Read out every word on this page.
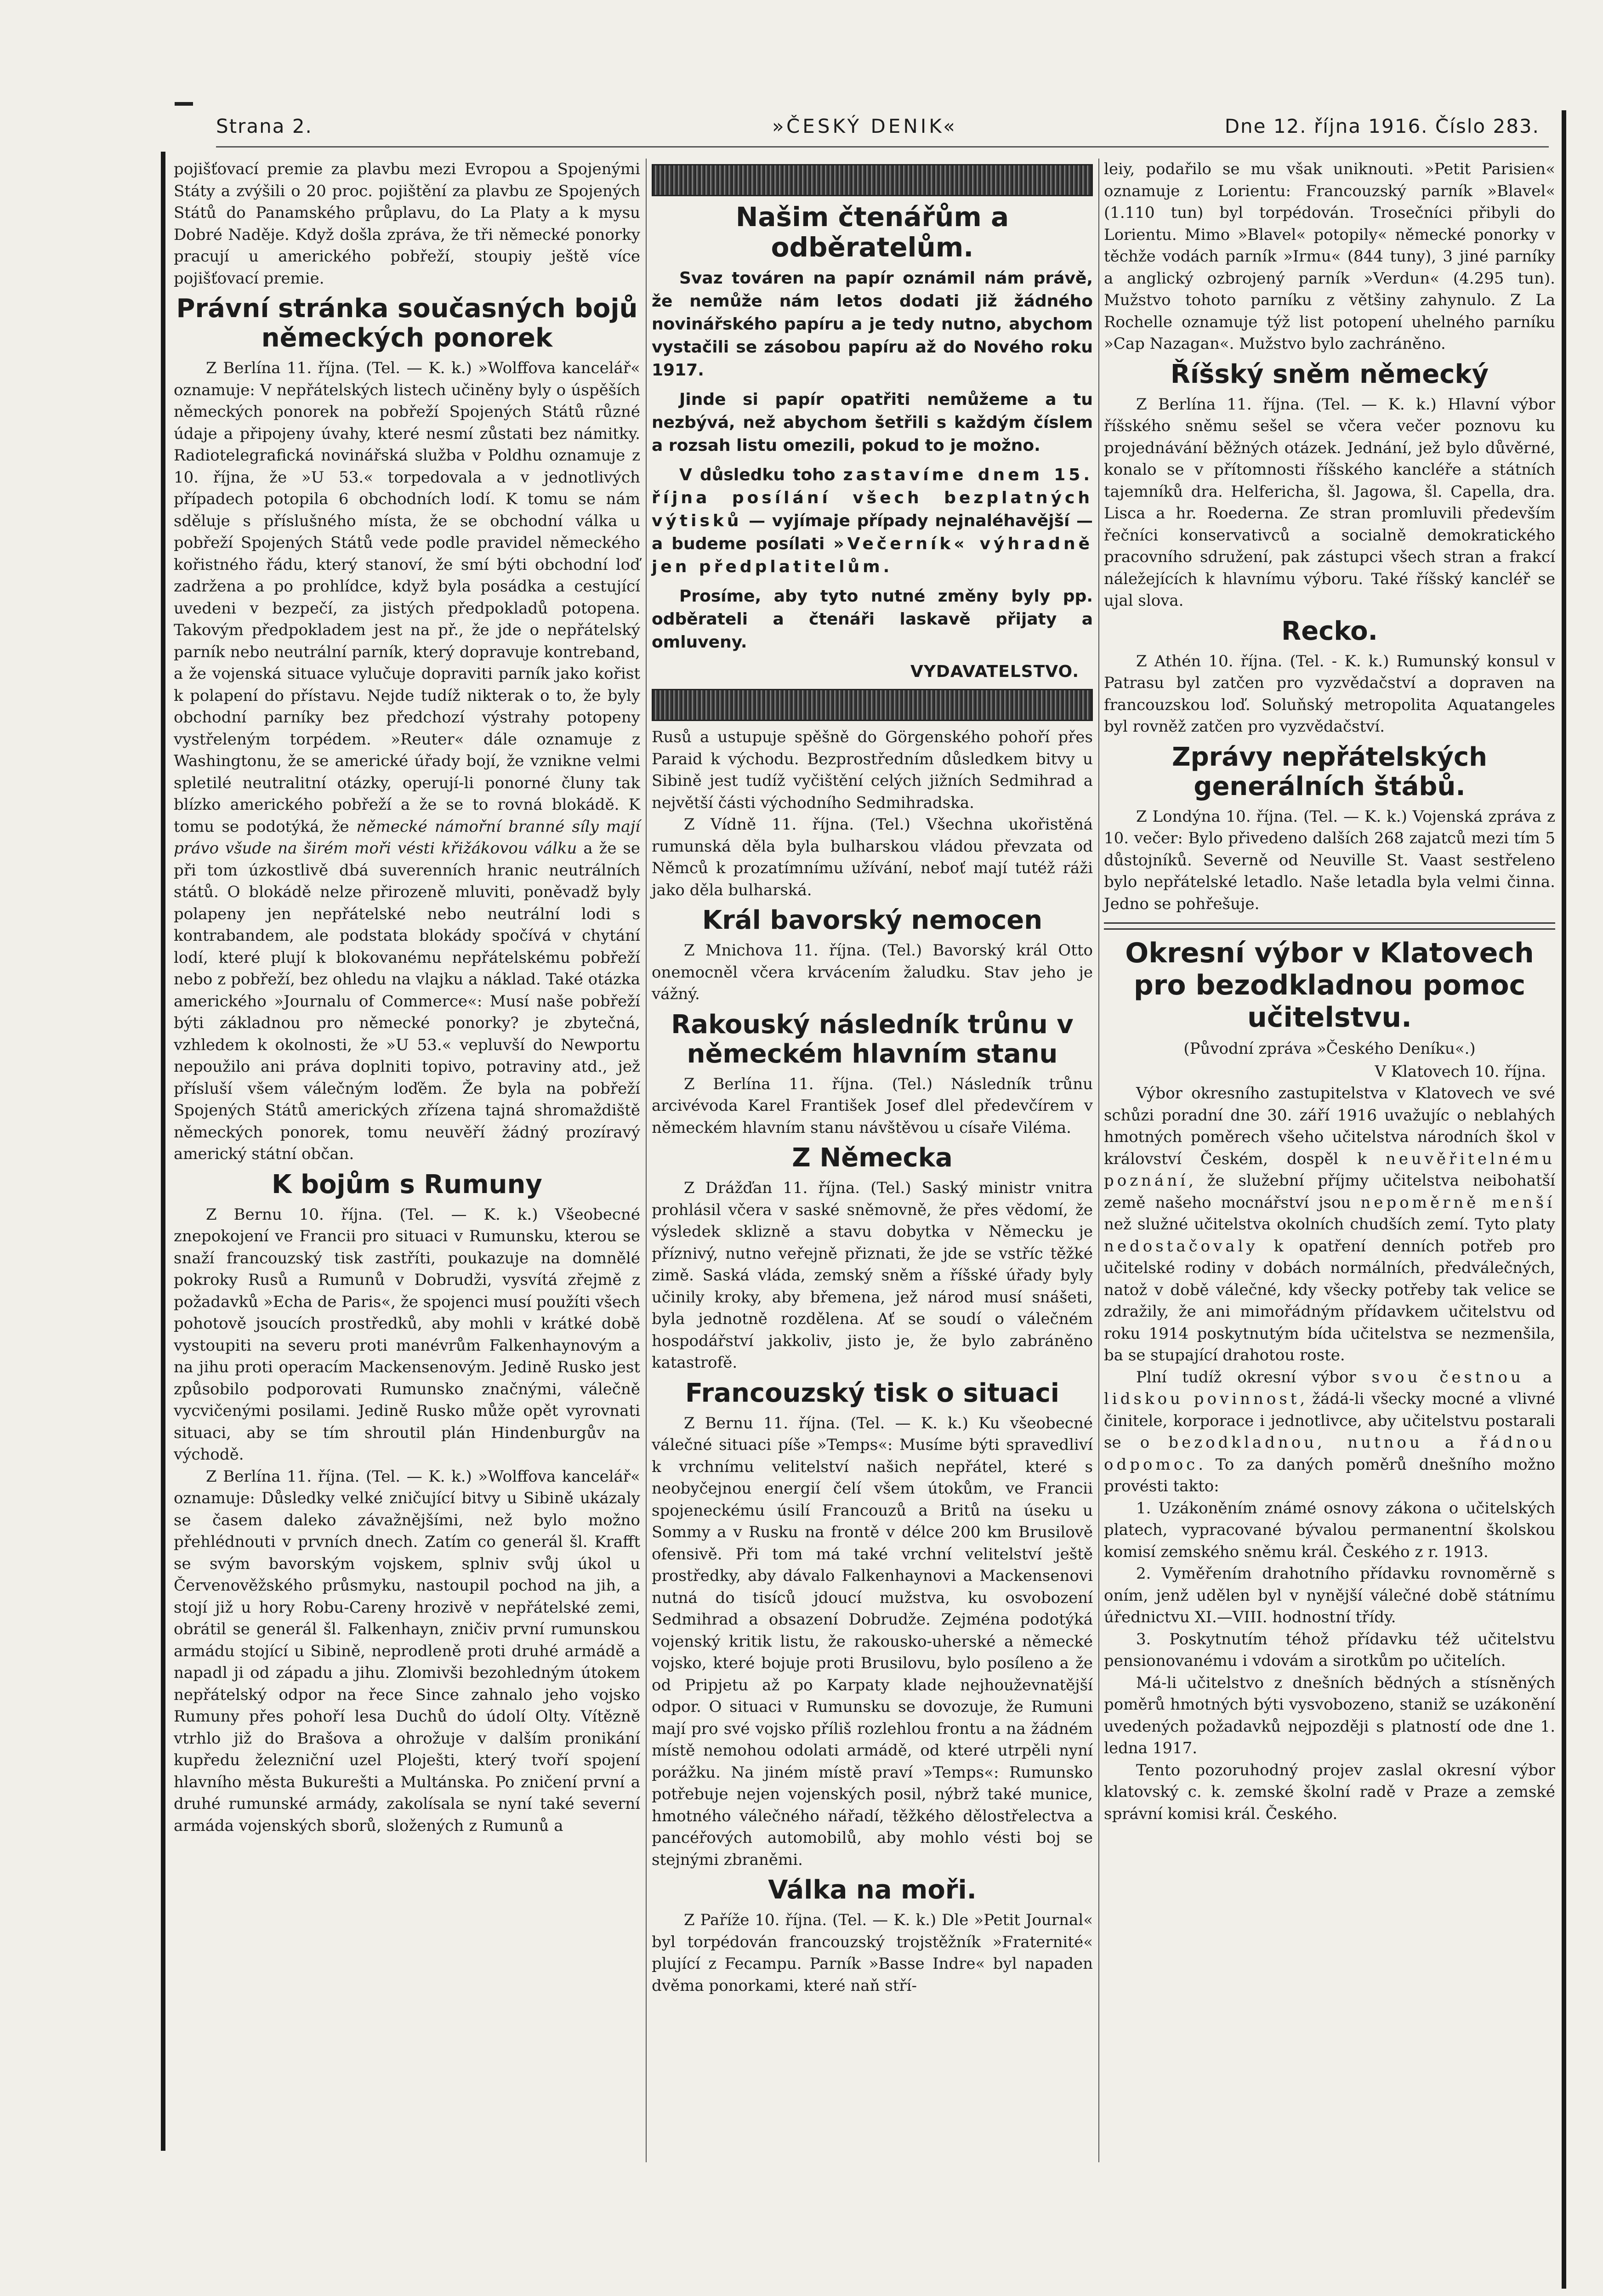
Strana 2.	»ČESKÝ DENIK«	Dne 12. října 1916. Číslo 283.

pojišťovací premie za plavbu mezi Evropou a Spojenými Státy a zvýšili o 20 proc. pojištění za plavbu ze Spojených Států do Panamského průplavu, do La Platy a k mysu Dobré Naděje. Když došla zpráva, že tři německé ponorky pracují u amerického pobřeží, stoupiy ještě více pojišťovací premie.

Právní stránka současných bojů německých ponorek

Z Berlína 11. října. (Tel. — K. k.) »Wolffova kancelář« oznamuje: V nepřátelských listech učiněny byly o úspěších německých ponorek na pobřeží Spojených Států různé údaje a připojeny úvahy, které nesmí zůstati bez námitky. Radiotelegrafická novinářská služba v Poldhu oznamuje z 10. října, že »U 53.« torpedovala a v jednotlivých případech potopila 6 obchodních lodí. K tomu se nám sděluje s příslušného místa, že se obchodní válka u pobřeží Spojených Států vede podle pravidel německého kořistného řádu, který stanoví, že smí býti obchodní loď zadržena a po prohlídce, když byla posádka a cestující uvedeni v bezpečí, za jistých předpokladů potopena. Takovým předpokladem jest na př., že jde o nepřátelský parník nebo neutrální parník, který dopravuje kontreband, a že vojenská situace vylučuje dopraviti parník jako kořist k polapení do přístavu. Nejde tudíž nikterak o to, že byly obchodní parníky bez předchozí výstrahy potopeny vystřeleným torpédem. »Reuter« dále oznamuje z Washingtonu, že se americké úřady bojí, že vznikne velmi spletilé neutralitní otázky, operují-li ponorné čluny tak blízko amerického pobřeží a že se to rovná blokádě. K tomu se podotýká, že německé námořní branné síly mají právo všude na širém moři vésti křižákovou válku a že se při tom úzkostlivě dbá suverenních hranic neutrálních států. O blokádě nelze přirozeně mluviti, poněvadž byly polapeny jen nepřátelské nebo neutrální lodi s kontrabandem, ale podstata blokády spočívá v chytání lodí, které plují k blokovanému nepřátelskému pobřeží nebo z pobřeží, bez ohledu na vlajku a náklad. Také otázka amerického »Journalu of Commerce«: Musí naše pobřeží býti základnou pro německé ponorky? je zbytečná, vzhledem k okolnosti, že »U 53.« vepluvší do Newportu nepoužilo ani práva doplniti topivo, potraviny atd., jež přísluší všem válečným loďěm. Že byla na pobřeží Spojených Států amerických zřízena tajná shromaždiště německých ponorek, tomu neuvěří žádný prozíravý americký státní občan.

K bojům s Rumuny

Z Bernu 10. října. (Tel. — K. k.) Všeobecné znepokojení ve Francii pro situaci v Rumunsku, kterou se snaží francouzský tisk zastříti, poukazuje na domnělé pokroky Rusů a Rumunů v Dobrudži, vysvítá zřejmě z požadavků »Echa de Paris«, že spojenci musí použíti všech pohotově jsoucích prostředků, aby mohli v krátké době vystoupiti na severu proti manévrům Falkenhaynovým a na jihu proti operacím Mackensenovým. Jedině Rusko jest způsobilo podporovati Rumunsko značnými, válečně vycvičenými posilami. Jedině Rusko může opět vyrovnati situaci, aby se tím shroutil plán Hindenburgův na východě.

Z Berlína 11. října. (Tel. — K. k.) »Wolffova kancelář« oznamuje: Důsledky velké zničující bitvy u Sibině ukázaly se časem daleko závažnějšími, než bylo možno přehlédnouti v prvních dnech. Zatím co generál šl. Krafft se svým bavorským vojskem, splniv svůj úkol u Červenověžského průsmyku, nastoupil pochod na jih, a stojí již u hory Robu-Careny hrozivě v nepřátelské zemi, obrátil se generál šl. Falkenhayn, zničiv první rumunskou armádu stojící u Sibině, neprodleně proti druhé armádě a napadl ji od západu a jihu. Zlomivši bezohledným útokem nepřátelský odpor na řece Since zahnalo jeho vojsko Rumuny přes pohoří lesa Duchů do údolí Olty. Vítězně vtrhlo již do Brašova a ohrožuje v dalším pronikání kupředu železniční uzel Ploješti, který tvoří spojení hlavního města Bukurešti a Multánska. Po zničení první a druhé rumunské armády, zakolísala se nyní také severní armáda vojenských sborů, složených z Rumunů a

Našim čtenářům a odběratelům.

Svaz továren na papír oznámil nám právě, že nemůže nám letos dodati již žádného novinářského papíru a je tedy nutno, abychom vystačili se zásobou papíru až do Nového roku 1917.

Jinde si papír opatřiti nemůžeme a tu nezbývá, než abychom šetřili s každým číslem a rozsah listu omezili, pokud to je možno.

V důsledku toho zastavíme dnem 15. října posílání všech bezplatných výtisků — vyjímaje případy nejnaléhavější — a budeme posílati »Večerník« výhradně jen předplatitelům.

Prosíme, aby tyto nutné změny byly pp. odběrateli a čtenáři laskavě přijaty a omluveny.

VYDAVATELSTVO.

Rusů a ustupuje spěšně do Görgenského pohoří přes Paraid k východu. Bezprostředním důsledkem bitvy u Sibině jest tudíž vyčištění celých jižních Sedmihrad a největší části východního Sedmihradska.

Z Vídně 11. října. (Tel.) Všechna ukořistěná rumunská děla byla bulharskou vládou převzata od Němců k prozatímnímu užívání, neboť mají tutéž ráži jako děla bulharská.

Král bavorský nemocen

Z Mnichova 11. října. (Tel.) Bavorský král Otto onemocněl včera krvácením žaludku. Stav jeho je vážný.

Rakouský následník trůnu v německém hlavním stanu

Z Berlína 11. října. (Tel.) Následník trůnu arcivévoda Karel František Josef dlel předevčírem v německém hlavním stanu návštěvou u císaře Viléma.

Z Německa

Z Drážďan 11. října. (Tel.) Saský ministr vnitra prohlásil včera v saské sněmovně, že přes vědomí, že výsledek sklizně a stavu dobytka v Německu je příznivý, nutno veřejně přiznati, že jde se vstříc těžké zimě. Saská vláda, zemský sněm a říšské úřady byly učinily kroky, aby břemena, jež národ musí snášeti, byla jednotně rozdělena. Ať se soudí o válečném hospodářství jakkoliv, jisto je, že bylo zabráněno katastrofě.

Francouzský tisk o situaci

Z Bernu 11. října. (Tel. — K. k.) Ku všeobecné válečné situaci píše »Temps«: Musíme býti spravedliví k vrchnímu velitelství našich nepřátel, které s neobyčejnou energií čelí všem útokům, ve Francii spojeneckému úsilí Francouzů a Britů na úseku u Sommy a v Rusku na frontě v délce 200 km Brusilově ofensivě. Při tom má také vrchní velitelství ještě prostředky, aby dávalo Falkenhaynovi a Mackensenovi nutná do tisíců jdoucí mužstva, ku osvobození Sedmihrad a obsazení Dobrudže. Zejména podotýká vojenský kritik listu, že rakousko-uherské a německé vojsko, které bojuje proti Brusilovu, bylo posíleno a že od Pripjetu až po Karpaty klade nejhouževnatější odpor. O situaci v Rumunsku se dovozuje, že Rumuni mají pro své vojsko příliš rozlehlou frontu a na žádném místě nemohou odolati armádě, od které utrpěli nyní porážku. Na jiném místě praví »Temps«: Rumunsko potřebuje nejen vojenských posil, nýbrž také munice, hmotného válečného nářadí, těžkého dělostřelectva a pancéřových automobilů, aby mohlo vésti boj se stejnými zbraněmi.

Válka na moři.

Z Paříže 10. října. (Tel. — K. k.) Dle »Petit Journal« byl torpédován francouzský trojstěžník »Fraternité« plující z Fecampu. Parník »Basse Indre« byl napaden dvěma ponorkami, které naň stří-

leiy, podařilo se mu však uniknouti. »Petit Parisien« oznamuje z Lorientu: Francouzský parník »Blavel« (1.110 tun) byl torpédován. Trosečníci přibyli do Lorientu. Mimo »Blavel« potopily« německé ponorky v těchže vodách parník »Irmu« (844 tuny), 3 jiné parníky a anglický ozbrojený parník »Verdun« (4.295 tun). Mužstvo tohoto parníku z většiny zahynulo. Z La Rochelle oznamuje týž list potopení uhelného parníku »Cap Nazagan«. Mužstvo bylo zachráněno.

Říšský sněm německý

Z Berlína 11. října. (Tel. — K. k.) Hlavní výbor říšského sněmu sešel se včera večer poznovu ku projednávání běžných otázek. Jednání, jež bylo důvěrné, konalo se v přítomnosti říšského kancléře a státních tajemníků dra. Helfericha, šl. Jagowa, šl. Capella, dra. Lisca a hr. Roederna. Ze stran promluvili především řečníci konservativců a socialně demokratického pracovního sdružení, pak zástupci všech stran a frakcí náležejících k hlavnímu výboru. Také říšský kancléř se ujal slova.

Recko.

Z Athén 10. října. (Tel. - K. k.) Rumunský konsul v Patrasu byl zatčen pro vyzvědačství a dopraven na francouzskou loď. Soluňský metropolita Aquatangeles byl rovněž zatčen pro vyzvědačství.

Zprávy nepřátelských generálních štábů.

Z Londýna 10. října. (Tel. — K. k.) Vojenská zpráva z 10. večer: Bylo přivedeno dalších 268 zajatců mezi tím 5 důstojníků. Severně od Neuville St. Vaast sestřeleno bylo nepřátelské letadlo. Naše letadla byla velmi činna. Jedno se pohřešuje.

Okresní výbor v Klatovech pro bezodkladnou pomoc učitelstvu.
(Původní zpráva »Českého Deníku«.)
V Klatovech 10. října.

Výbor okresního zastupitelstva v Klatovech ve své schůzi poradní dne 30. září 1916 uvažujíc o neblahých hmotných poměrech všeho učitelstva národních škol v království Českém, dospěl k neuvěřitelnému poznání, že služební příjmy učitelstva neibohatší země našeho mocnářství jsou nepoměrně menší než služné učitelstva okolních chudších zemí. Tyto platy nedostačovaly k opatření denních potřeb pro učitelské rodiny v dobách normálních, předválečných, natož v době válečné, kdy všecky potřeby tak velice se zdražily, že ani mimořádným přídavkem učitelstvu od roku 1914 poskytnutým bída učitelstva se nezmenšila, ba se stupající drahotou roste.

Plní tudíž okresní výbor svou čestnou a lidskou povinnost, žádá-li všecky mocné a vlivné činitele, korporace i jednotlivce, aby učitelstvu postarali se o bezodkladnou, nutnou a řádnou odpomoc. To za daných poměrů dnešního možno provésti takto:

1. Uzákoněním známé osnovy zákona o učitelských platech, vypracované bývalou permanentní školskou komisí zemského sněmu král. Českého z r. 1913.

2. Vyměřením drahotního přídavku rovnoměrně s oním, jenž udělen byl v nynější válečné době státnímu úřednictvu XI.—VIII. hodnostní třídy.

3. Poskytnutím téhož přídavku též učitelstvu pensionovanému i vdovám a sirotkům po učitelích.

Má-li učitelstvo z dnešních bědných a stísněných poměrů hmotných býti vysvobozeno, staniž se uzákonění uvedených požadavků nejpozději s platností ode dne 1. ledna 1917.

Tento pozoruhodný projev zaslal okresní výbor klatovský c. k. zemské školní radě v Praze a zemské správní komisi král. Českého.
